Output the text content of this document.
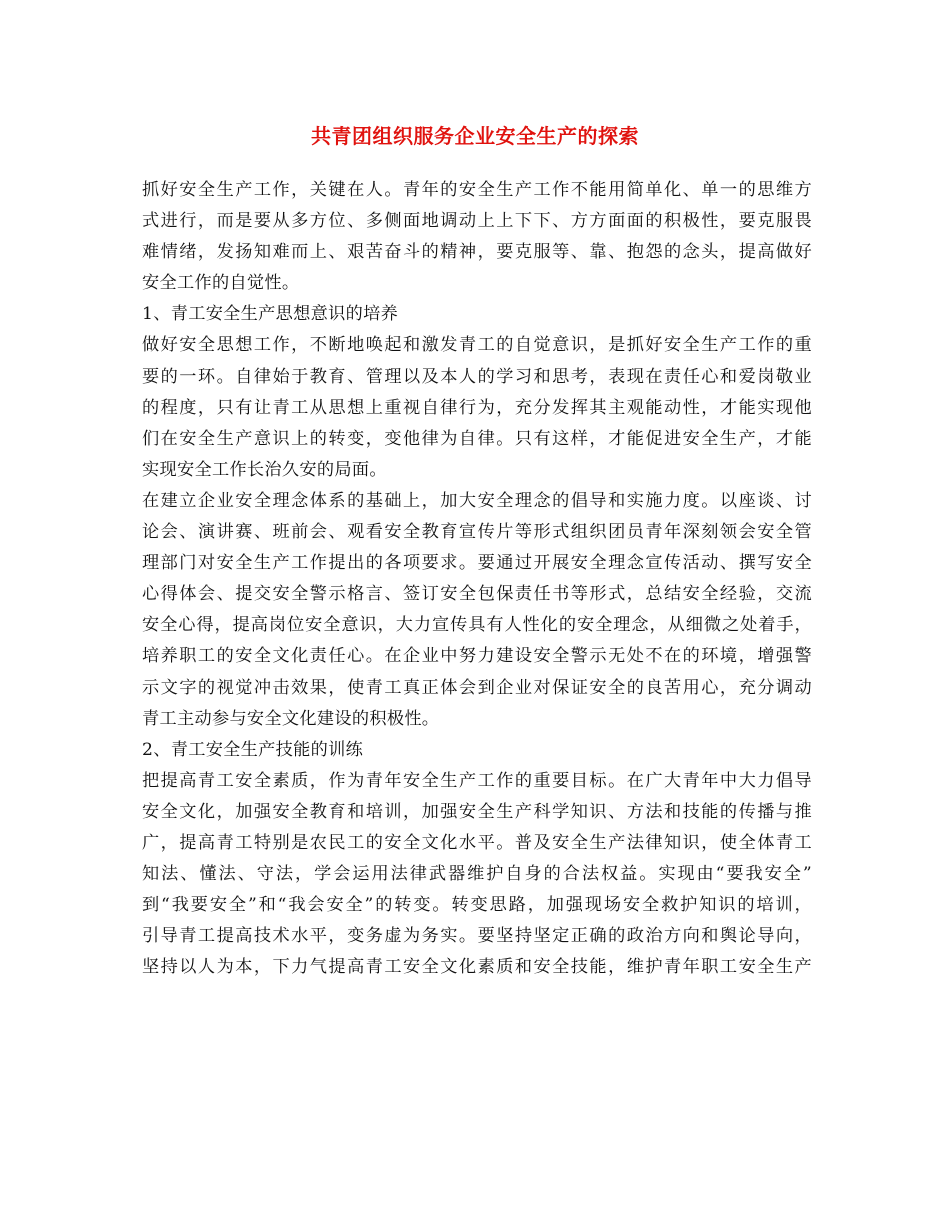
共青团组织服务企业安全生产的探索
抓好安全生产工作，关键在人。青年的安全生产工作不能用简单化、单一的思维方
式进行，而是要从多方位、多侧面地调动上上下下、方方面面的积极性，要克服畏
难情绪，发扬知难而上、艰苦奋斗的精神，要克服等、靠、抱怨的念头，提高做好
安全工作的自觉性。
1、青工安全生产思想意识的培养
做好安全思想工作，不断地唤起和激发青工的自觉意识，是抓好安全生产工作的重
要的一环。自律始于教育、管理以及本人的学习和思考，表现在责任心和爱岗敬业
的程度，只有让青工从思想上重视自律行为，充分发挥其主观能动性，才能实现他
们在安全生产意识上的转变，变他律为自律。只有这样，才能促进安全生产，才能
实现安全工作长治久安的局面。
在建立企业安全理念体系的基础上，加大安全理念的倡导和实施力度。以座谈、讨
论会、演讲赛、班前会、观看安全教育宣传片等形式组织团员青年深刻领会安全管
理部门对安全生产工作提出的各项要求。要通过开展安全理念宣传活动、撰写安全
心得体会、提交安全警示格言、签订安全包保责任书等形式，总结安全经验，交流
安全心得，提高岗位安全意识，大力宣传具有人性化的安全理念，从细微之处着手，
培养职工的安全文化责任心。在企业中努力建设安全警示无处不在的环境，增强警
示文字的视觉冲击效果，使青工真正体会到企业对保证安全的良苦用心，充分调动
青工主动参与安全文化建设的积极性。
2、青工安全生产技能的训练
把提高青工安全素质，作为青年安全生产工作的重要目标。在广大青年中大力倡导
安全文化，加强安全教育和培训，加强安全生产科学知识、方法和技能的传播与推
广，提高青工特别是农民工的安全文化水平。普及安全生产法律知识，使全体青工
知法、懂法、守法，学会运用法律武器维护自身的合法权益。实现由“要我安全”
到“我要安全”和“我会安全”的转变。转变思路，加强现场安全救护知识的培训，
引导青工提高技术水平，变务虚为务实。要坚持坚定正确的政治方向和舆论导向，
坚持以人为本，下力气提高青工安全文化素质和安全技能，维护青年职工安全生产
